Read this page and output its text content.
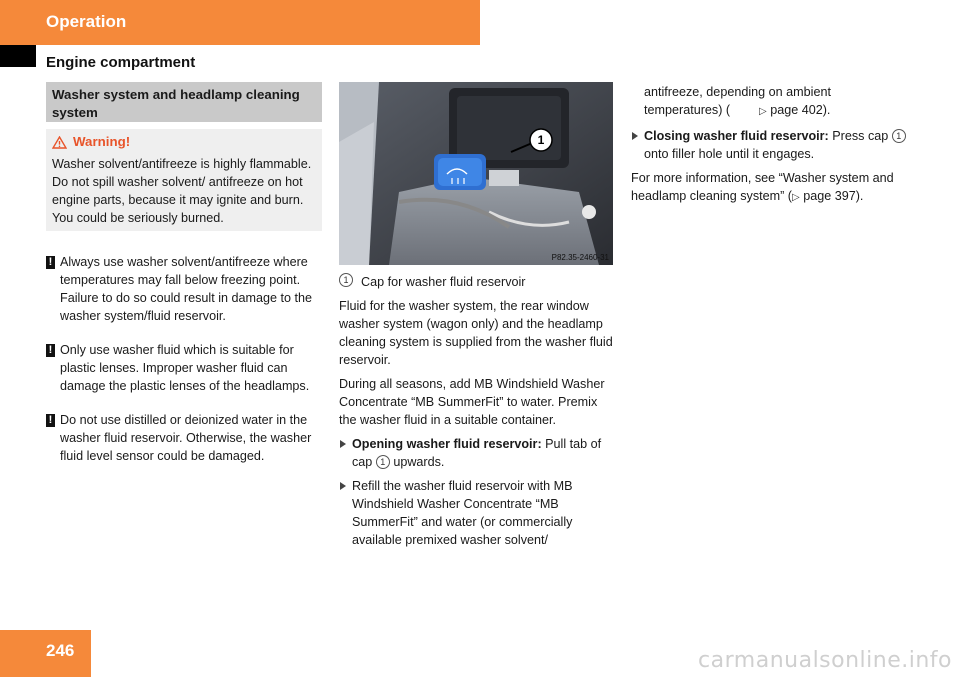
Operation
Engine compartment
Washer system and headlamp cleaning system
Warning!
Washer solvent/antifreeze is highly flammable. Do not spill washer solvent/ antifreeze on hot engine parts, because it may ignite and burn. You could be seriously burned.
! Always use washer solvent/antifreeze where temperatures may fall below freezing point. Failure to do so could result in damage to the washer system/fluid reservoir.
! Only use washer fluid which is suitable for plastic lenses. Improper washer fluid can damage the plastic lenses of the headlamps.
! Do not use distilled or deionized water in the washer fluid reservoir. Otherwise, the washer fluid level sensor could be damaged.
1
P82.35-2460-31
1 Cap for washer fluid reservoir

Fluid for the washer system, the rear window washer system (wagon only) and the headlamp cleaning system is supplied from the washer fluid reservoir.

During all seasons, add MB Windshield Washer Concentrate “MB SummerFit” to water. Premix the washer fluid in a suitable container.

Opening washer fluid reservoir: Pull tab of cap 1 upwards.
Refill the washer fluid reservoir with MB Windshield Washer Concentrate “MB SummerFit” and water (or commercially available premixed washer solvent/
antifreeze, depending on ambient temperatures) (	▷ page 402).
Closing washer fluid reservoir: Press cap 1 onto filler hole until it engages.

For more information, see “Washer system and headlamp cleaning system” (▷ page 397).

246	carmanualsonline.info
